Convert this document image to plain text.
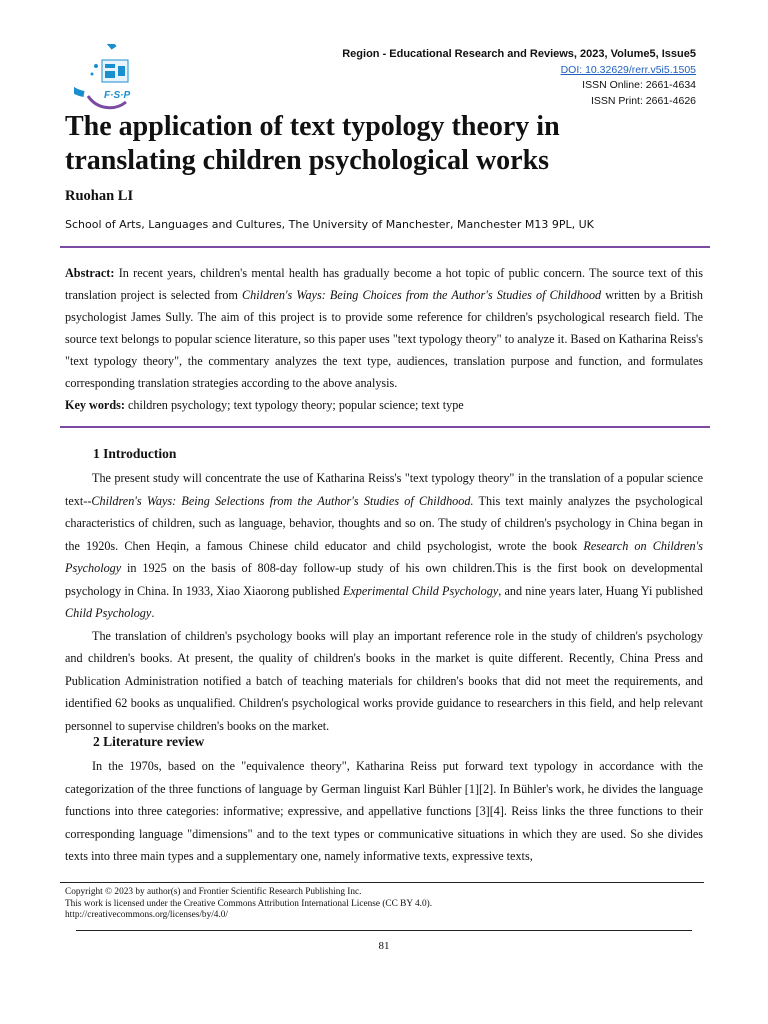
F·S·P
Region - Educational Research and Reviews, 2023, Volume5, Issue5
DOI: 10.32629/rerr.v5i5.1505
ISSN Online: 2661-4634
ISSN Print: 2661-4626
The application of text typology theory in
translating children psychological works
Ruohan LI
School of Arts, Languages and Cultures, The University of Manchester, Manchester M13 9PL, UK

Abstract: In recent years, children's mental health has gradually become a hot topic of public concern. The source text of this translation project is selected from Children's Ways: Being Choices from the Author's Studies of Childhood written by a British psychologist James Sully. The aim of this project is to provide some reference for children's psychological research field. The source text belongs to popular science literature, so this paper uses "text typology theory" to analyze it. Based on Katharina Reiss's "text typology theory", the commentary analyzes the text type, audiences, translation purpose and function, and formulates corresponding translation strategies according to the above analysis.

Key words: children psychology; text typology theory; popular science; text type

1 Introduction

The present study will concentrate the use of Katharina Reiss's "text typology theory" in the translation of a popular science text--Children's Ways: Being Selections from the Author's Studies of Childhood. This text mainly analyzes the psychological characteristics of children, such as language, behavior, thoughts and so on. The study of children's psychology in China began in the 1920s. Chen Heqin, a famous Chinese child educator and child psychologist, wrote the book Research on Children's Psychology in 1925 on the basis of 808-day follow-up study of his own children.This is the first book on developmental psychology in China. In 1933, Xiao Xiaorong published Experimental Child Psychology, and nine years later, Huang Yi published Child Psychology.

The translation of children's psychology books will play an important reference role in the study of children's psychology and children's books. At present, the quality of children's books in the market is quite different. Recently, China Press and Publication Administration notified a batch of teaching materials for children's books that did not meet the requirements, and identified 62 books as unqualified. Children's psychological works provide guidance to researchers in this field, and help relevant personnel to supervise children's books on the market.

2 Literature review

In the 1970s, based on the "equivalence theory", Katharina Reiss put forward text typology in accordance with the categorization of the three functions of language by German linguist Karl Bühler [1][2]. In Bühler's work, he divides the language functions into three categories: informative; expressive, and appellative functions [3][4]. Reiss links the three functions to their corresponding language "dimensions" and to the text types or communicative situations in which they are used. So she divides texts into three main types and a supplementary one, namely informative texts, expressive texts,

Copyright © 2023 by author(s) and Frontier Scientific Research Publishing Inc.
This work is licensed under the Creative Commons Attribution International License (CC BY 4.0).
http://creativecommons.org/licenses/by/4.0/
81
